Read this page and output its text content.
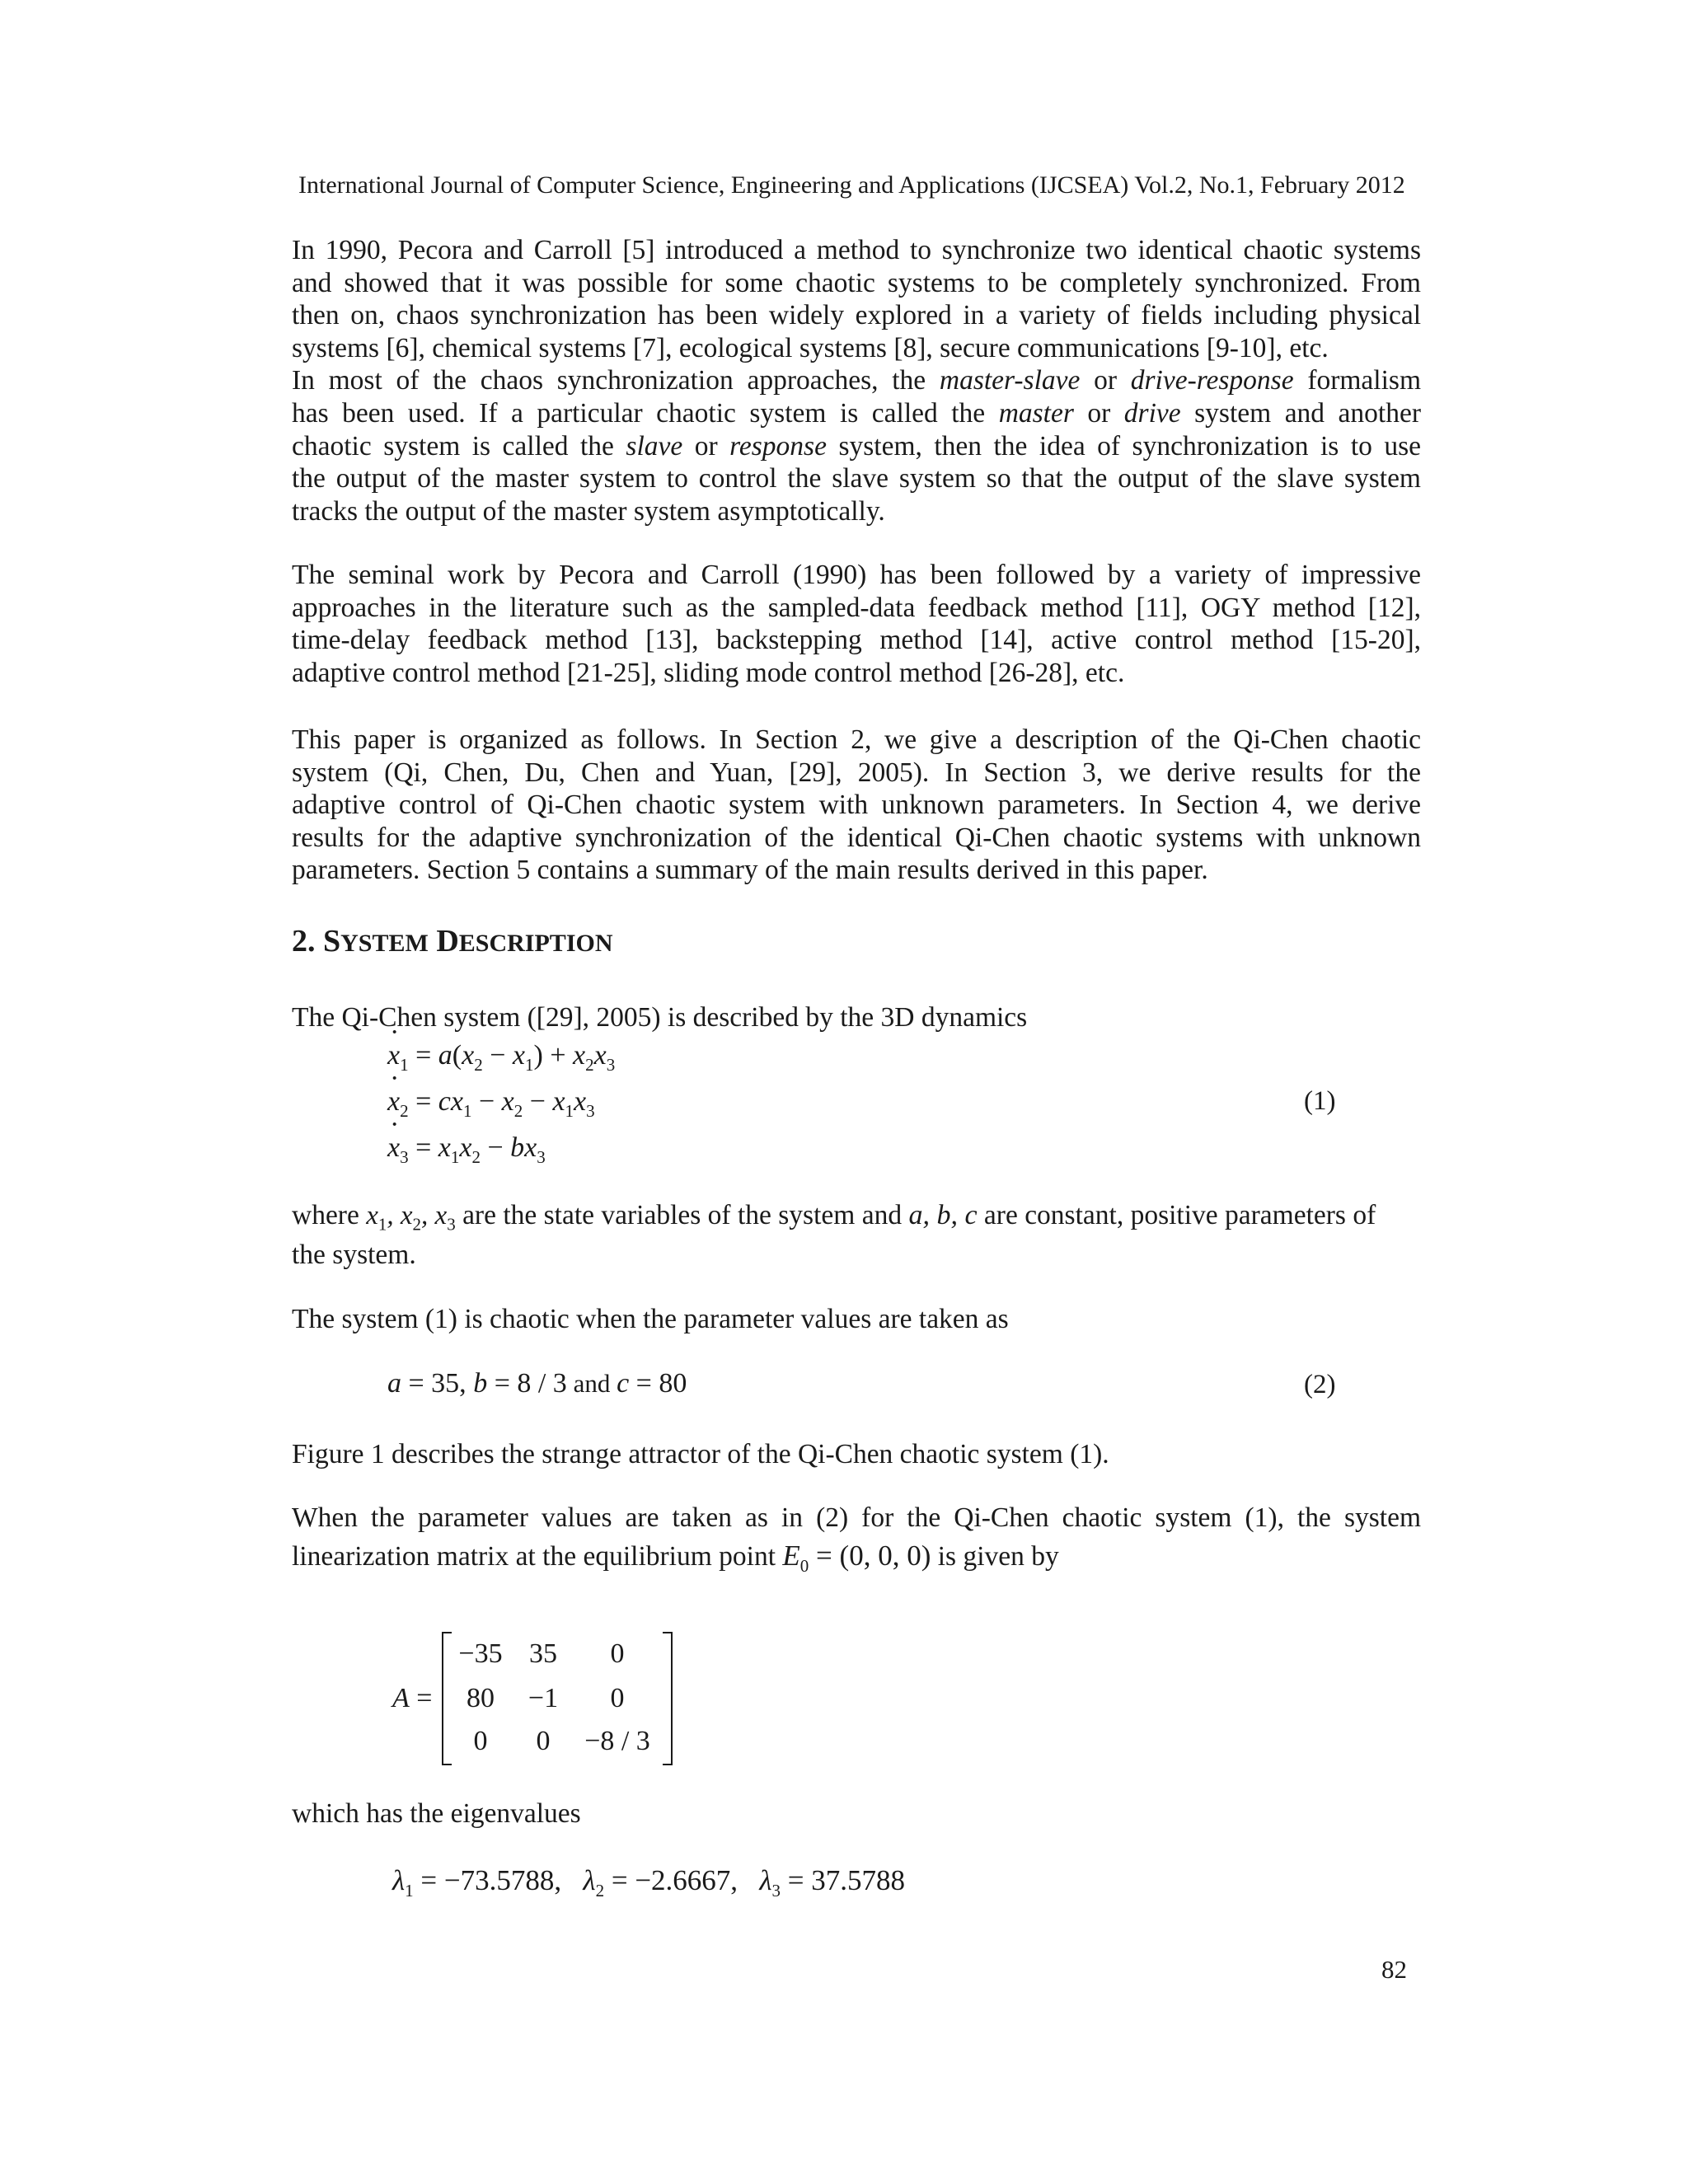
International Journal of Computer Science, Engineering and Applications (IJCSEA) Vol.2, No.1, February 2012
In 1990, Pecora and Carroll [5] introduced a method to synchronize two identical chaotic systems
and showed that it was possible for some chaotic systems to be completely synchronized. From
then on, chaos synchronization has been widely explored in a variety of fields including physical
systems [6], chemical systems [7], ecological systems [8], secure communications [9-10], etc.
In most of the chaos synchronization approaches, the master-slave or drive-response formalism
has been used. If a particular chaotic system is called the master or drive system and another
chaotic system is called the slave or response system, then the idea of synchronization is to use
the output of the master system to control the slave system so that the output of the slave system
tracks the output of the master system asymptotically.
The seminal work by Pecora and Carroll (1990) has been followed by a variety of impressive
approaches in the literature such as the sampled-data feedback method [11], OGY method [12],
time-delay feedback method [13], backstepping method [14], active control method [15-20],
adaptive control method [21-25], sliding mode control method [26-28], etc.
This paper is organized as follows. In Section 2, we give a description of the Qi-Chen chaotic
system (Qi, Chen, Du, Chen and Yuan, [29], 2005). In Section 3, we derive results for the
adaptive control of Qi-Chen chaotic system with unknown parameters. In Section 4, we derive
results for the adaptive synchronization of the identical Qi-Chen chaotic systems with unknown
parameters. Section 5 contains a summary of the main results derived in this paper.
2. SYSTEM DESCRIPTION
The Qi-Chen system ([29], 2005) is described by the 3D dynamics
· $x_1 = a(x_2 - x_1) + x_2x_3$
· $x_2 = cx_1 - x_2 - x_1x_3$
· $x_3 = x_1x_2 - bx_3$
(1)
where $x_1$, $x_2$, $x_3$ are the state variables of the system and a, b, c are constant, positive parameters of
the system.
The system (1) is chaotic when the parameter values are taken as
a = 35, b = 8 / 3 and c = 80	(2)
Figure 1 describes the strange attractor of the Qi-Chen chaotic system (1).
When the parameter values are taken as in (2) for the Qi-Chen chaotic system (1), the system
linearization matrix at the equilibrium point $E_0 = (0$, 0, 0) is given by
A =
−35 35	0
80	−1	0
0	0	−8 / 3
which has the eigenvalues
$\lambda_1 = -73.5788$,   $\lambda_2 = -2.6667$,   $\lambda_3 = 37.5788$
82
